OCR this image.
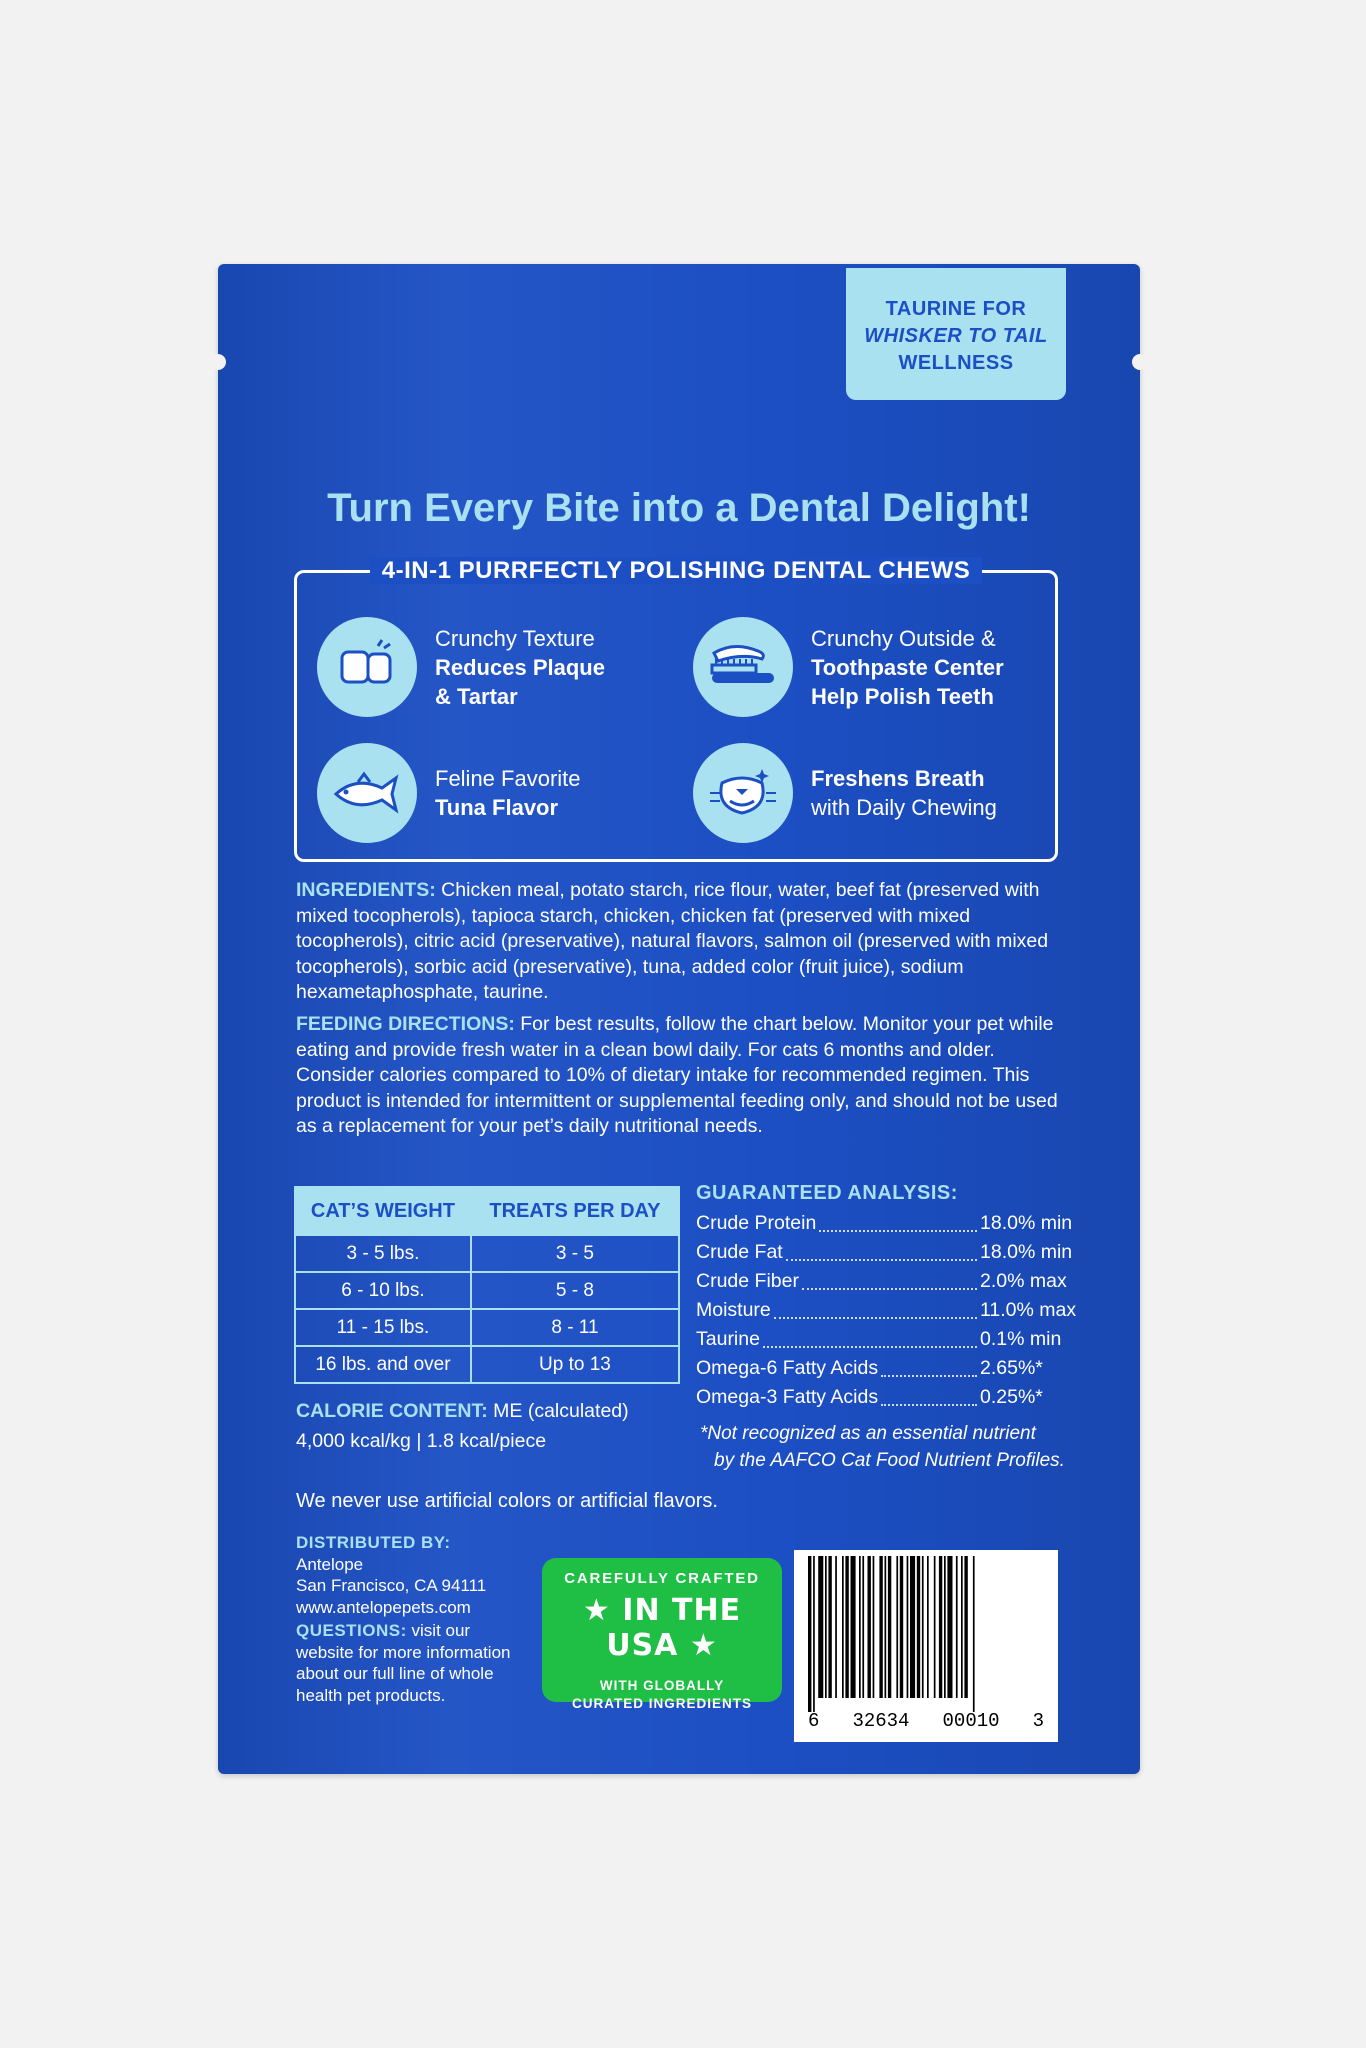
TAURINE FOR
WHISKER TO TAIL
WELLNESS
Turn Every Bite into a Dental Delight!
4-IN-1 PURRFECTLY POLISHING DENTAL CHEWS
Crunchy Texture
Reduces Plaque
& Tartar
Crunchy Outside &
Toothpaste Center
Help Polish Teeth
Feline Favorite
Tuna Flavor
Freshens Breath
with Daily Chewing
INGREDIENTS: Chicken meal, potato starch, rice flour, water, beef fat (preserved with mixed tocopherols), tapioca starch, chicken, chicken fat (preserved with mixed tocopherols), citric acid (preservative), natural flavors, salmon oil (preserved with mixed tocopherols), sorbic acid (preservative), tuna, added color (fruit juice), sodium hexametaphosphate, taurine.
FEEDING DIRECTIONS: For best results, follow the chart below. Monitor your pet while eating and provide fresh water in a clean bowl daily. For cats 6 months and older. Consider calories compared to 10% of dietary intake for recommended regimen. This product is intended for intermittent or supplemental feeding only, and should not be used as a replacement for your pet’s daily nutritional needs.
CAT’S WEIGHT	TREATS PER DAY
3 - 5 lbs.	3 - 5
6 - 10 lbs.	5 - 8
11 - 15 lbs.	8 - 11
16 lbs. and over	Up to 13
GUARANTEED ANALYSIS:
Crude Protein	18.0% min
Crude Fat	18.0% min
Crude Fiber	2.0% max
Moisture	11.0% max
Taurine	0.1% min
Omega-6 Fatty Acids	2.65%*
Omega-3 Fatty Acids	0.25%*
*Not recognized as an essential nutrient
by the AAFCO Cat Food Nutrient Profiles.
CALORIE CONTENT: ME (calculated)
4,000 kcal/kg | 1.8 kcal/piece
We never use artificial colors or artificial flavors.
DISTRIBUTED BY:
Antelope
San Francisco, CA 94111
www.antelopepets.com
QUESTIONS: visit our website for more information about our full line of whole health pet products.
CAREFULLY CRAFTED
★ IN THE USA ★
WITH GLOBALLY
CURATED INGREDIENTS
6 32634 00010 3
